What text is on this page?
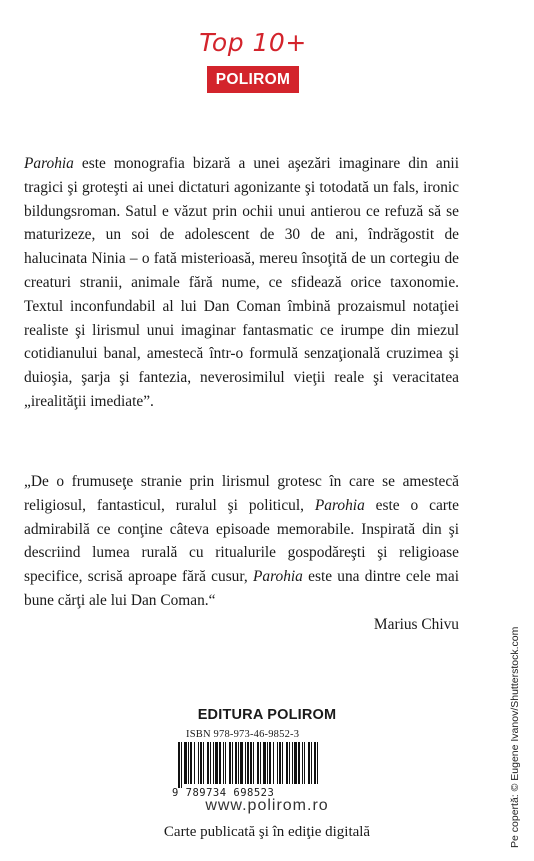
Top 10+
POLIROM

Parohia este monografia bizară a unei aşezări imaginare din anii tragici şi groteşti ai unei dictaturi agonizante şi totodată un fals, ironic bildungsroman. Satul e văzut prin ochii unui antierou ce refuză să se maturizeze, un soi de adolescent de 30 de ani, îndrăgostit de halucinata Ninia – o fată misterioasă, mereu însoţită de un cortegiu de creaturi stranii, animale fără nume, ce sfidează orice taxonomie. Textul inconfundabil al lui Dan Coman îmbină prozaismul notaţiei realiste şi lirismul unui imaginar fantasmatic ce irumpe din miezul cotidianului banal, amestecă într-o formulă senzaţională cruzimea şi duioşia, şarja şi fantezia, neverosimilul vieţii reale şi veracitatea „irealităţii imediate”.

„De o frumuseţe stranie prin lirismul grotesc în care se amestecă religiosul, fantasticul, ruralul şi politicul, Parohia este o carte admirabilă ce conţine câteva episoade memorabile. Inspirată din şi descriind lumea rurală cu ritualurile gospodăreşti şi religioase specifice, scrisă aproape fără cusur, Parohia este una dintre cele mai bune cărţi ale lui Dan Coman.“

Marius Chivu

EDITURA POLIROM
ISBN 978-973-46-9852-3
9 789734 698523
www.polirom.ro
Carte publicată şi în ediţie digitală	Pe copertă: © Eugene Ivanov/Shutterstock.com
